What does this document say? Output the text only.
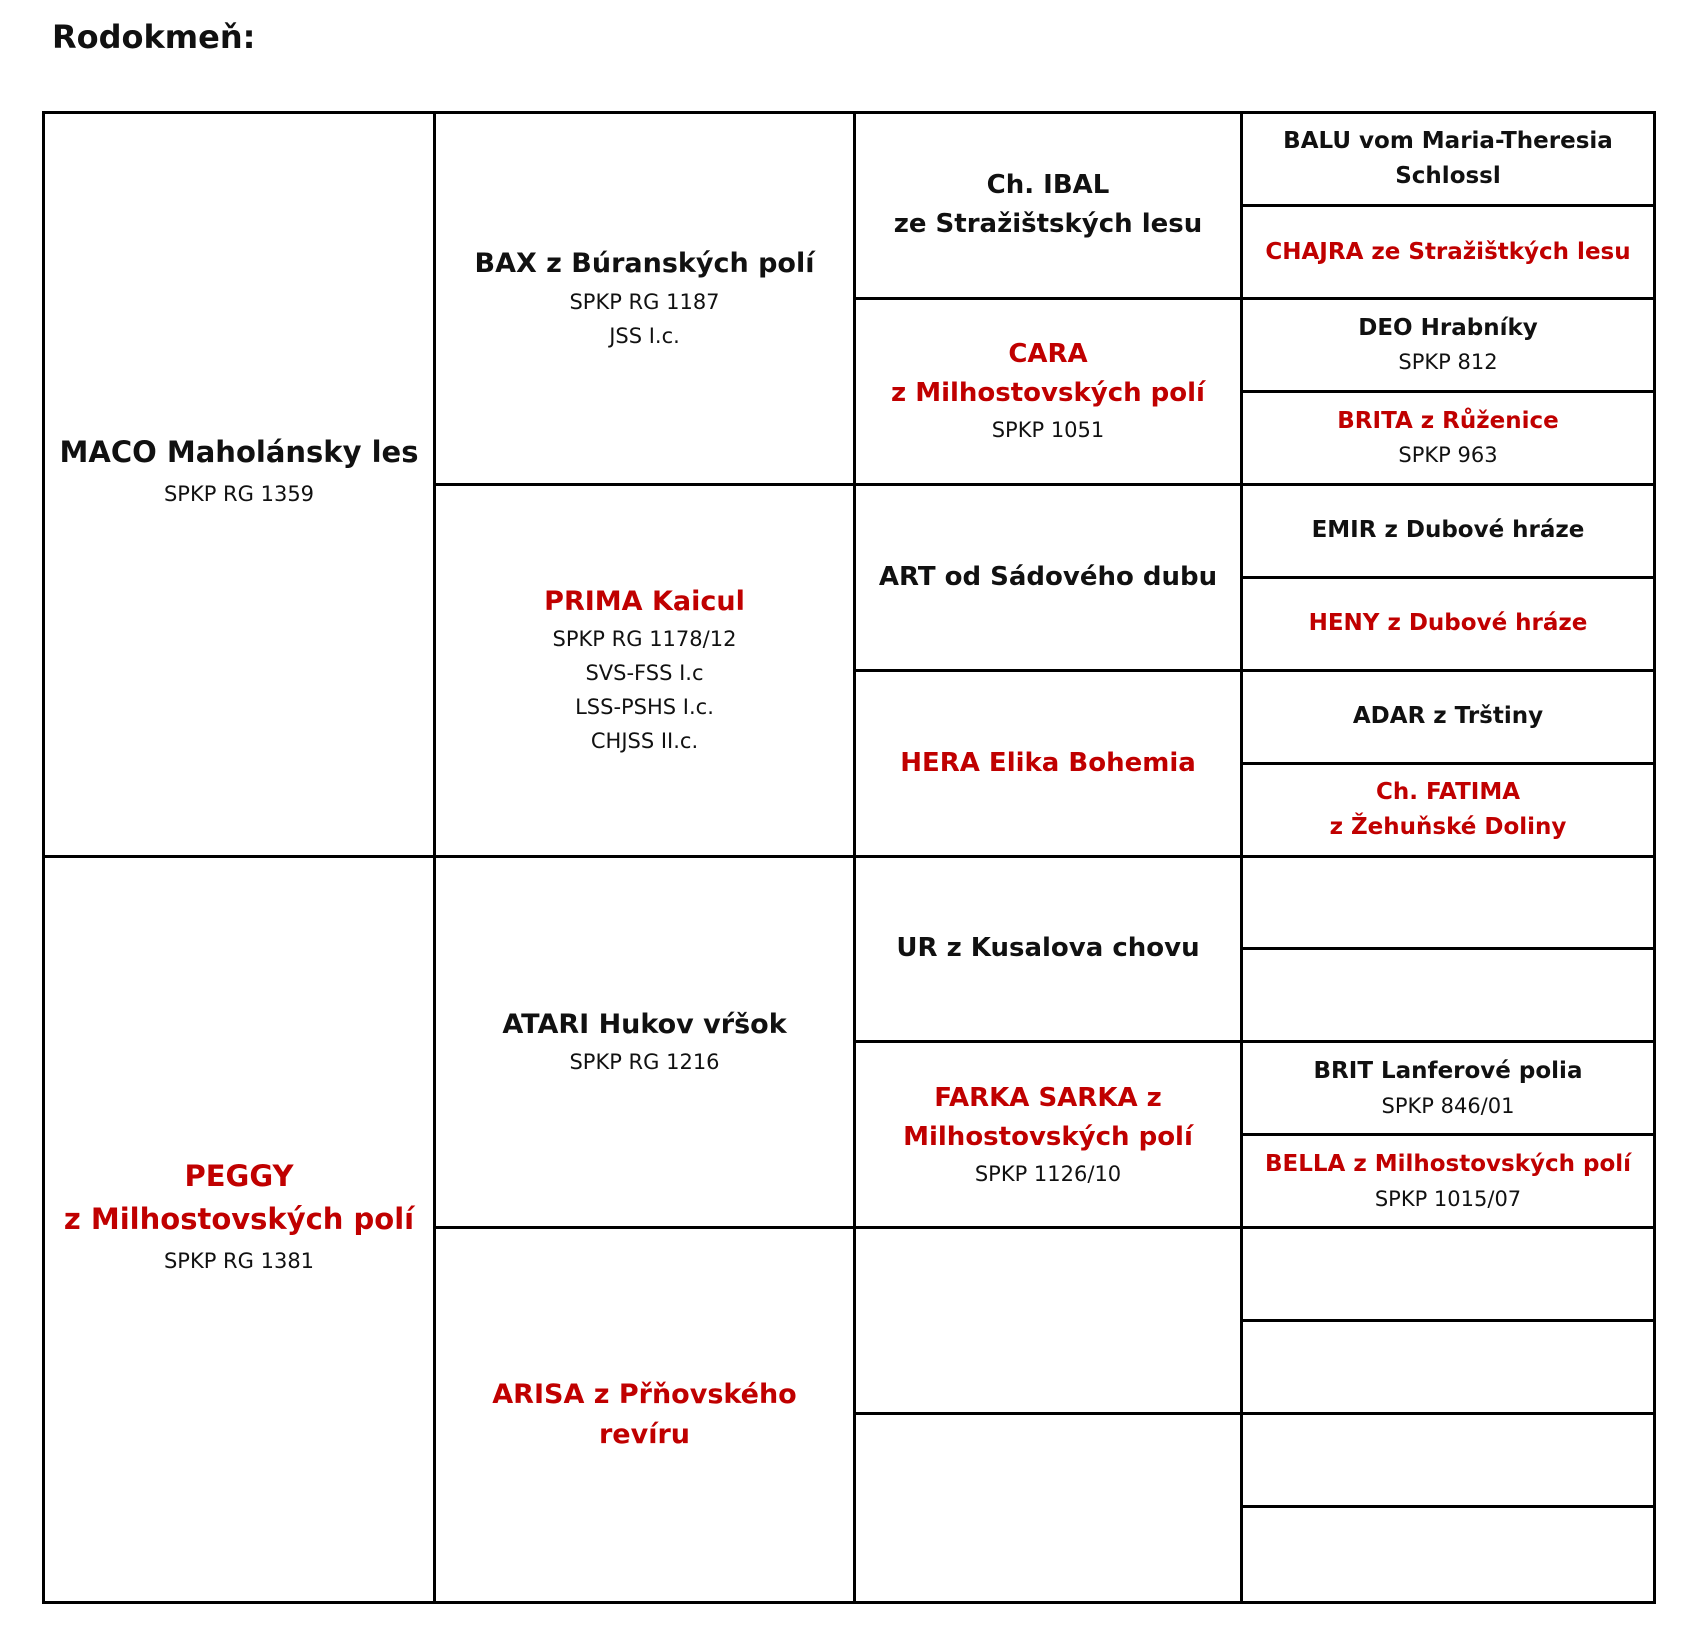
Rodokmeň:
MACO Maholánsky les
SPKP RG 1359
PEGGY
z Milhostovských polí
SPKP RG 1381
BAX z Búranských polí
SPKP RG 1187
JSS I.c.
PRIMA Kaicul
SPKP RG 1178/12
SVS-FSS I.c
LSS-PSHS I.c.
CHJSS II.c.
ATARI Hukov vŕšok
SPKP RG 1216
ARISA z Přňovského revíru
Ch. IBAL
ze Stražištských lesu
CARA
z Milhostovských polí
SPKP 1051
ART od Sádového dubu
HERA Elika Bohemia
UR z Kusalova chovu
FARKA SARKA z
Milhostovských polí
SPKP 1126/10
BALU vom Maria-Theresia
Schlossl
CHAJRA ze Stražištkých lesu
DEO Hrabníky
SPKP 812
BRITA z Růženice
SPKP 963
EMIR z Dubové hráze
HENY z Dubové hráze
ADAR z Trštiny
Ch. FATIMA
z Žehuňské Doliny
BRIT Lanferové polia
SPKP 846/01
BELLA z Milhostovských polí
SPKP 1015/07
